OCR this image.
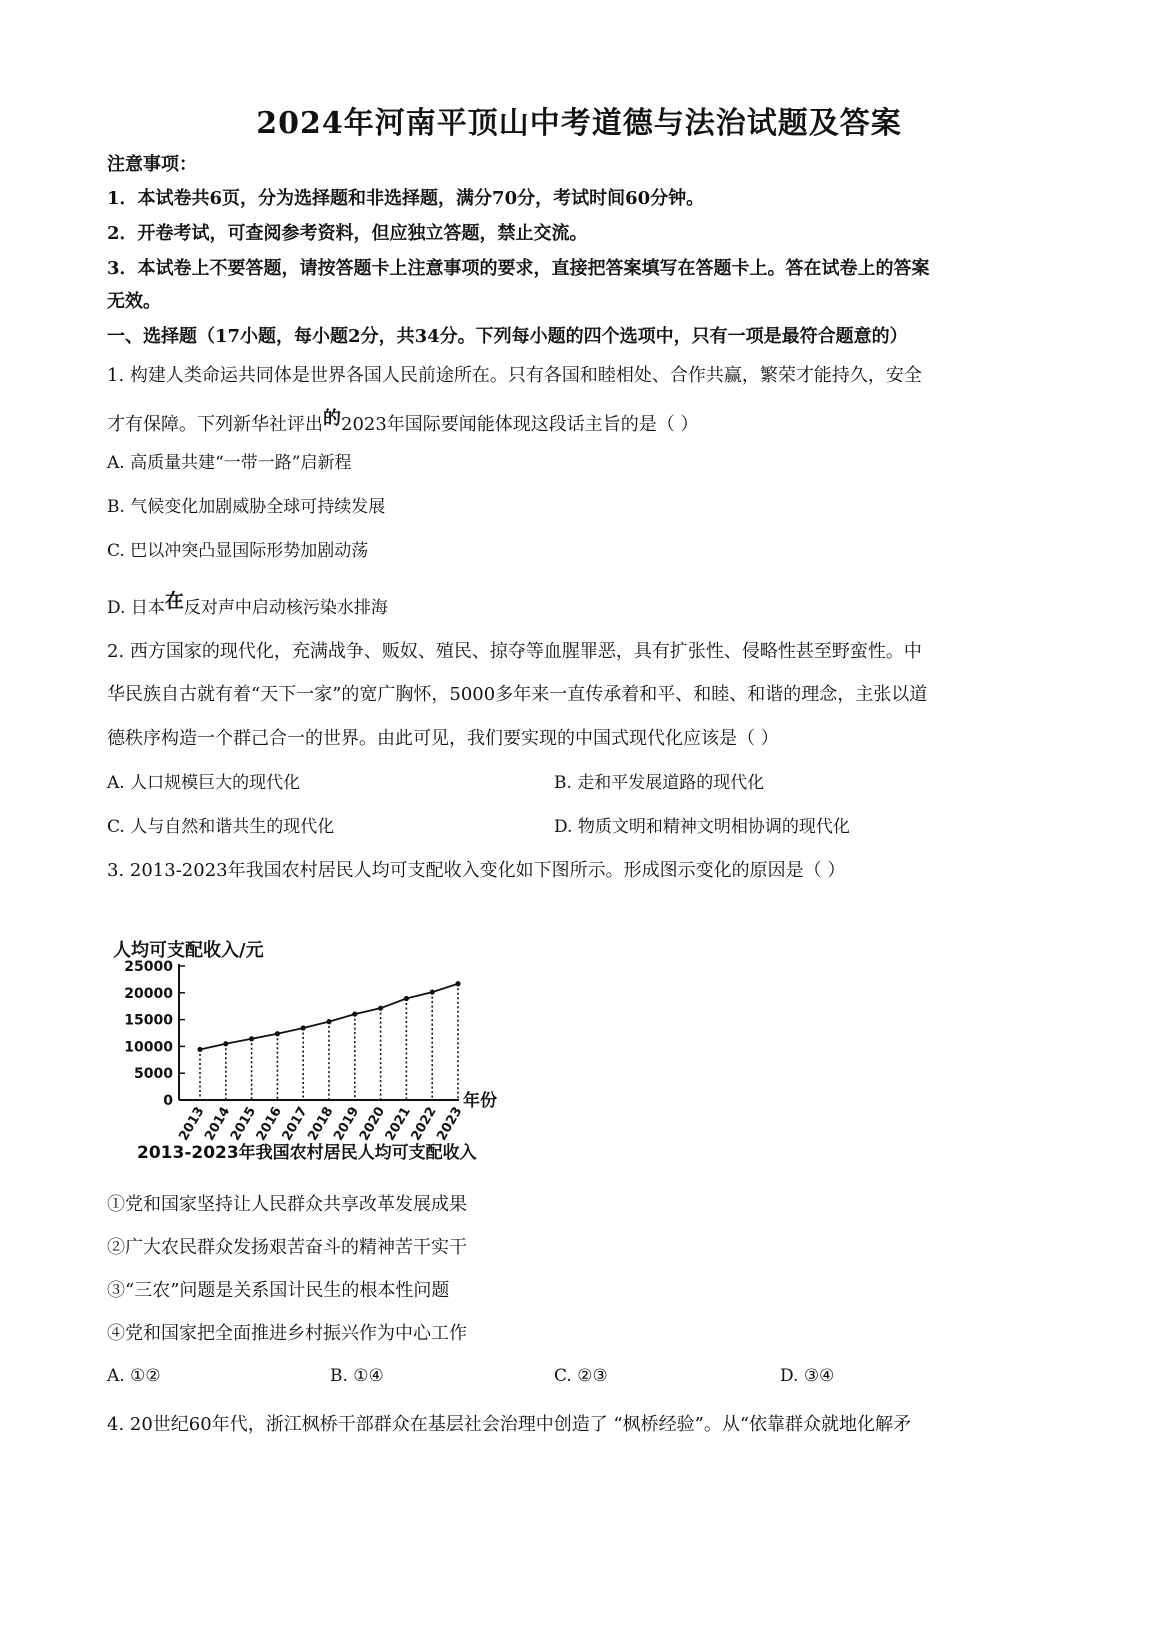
2024年河南平顶山中考道德与法治试题及答案
注意事项：
1．本试卷共6页，分为选择题和非选择题，满分70分，考试时间60分钟。
2．开卷考试，可查阅参考资料，但应独立答题，禁止交流。
3．本试卷上不要答题，请按答题卡上注意事项的要求，直接把答案填写在答题卡上。答在试卷上的答案
无效。
一、选择题（17小题，每小题2分，共34分。下列每小题的四个选项中，只有一项是最符合题意的）
1. 构建人类命运共同体是世界各国人民前途所在。只有各国和睦相处、合作共赢，繁荣才能持久，安全
才有保障。下列新华社评出的2023年国际要闻能体现这段话主旨的是（ ）
A. 高质量共建“一带一路”启新程
B. 气候变化加剧威胁全球可持续发展
C. 巴以冲突凸显国际形势加剧动荡
D. 日本在反对声中启动核污染水排海
2. 西方国家的现代化，充满战争、贩奴、殖民、掠夺等血腥罪恶，具有扩张性、侵略性甚至野蛮性。中
华民族自古就有着“天下一家”的宽广胸怀，5000多年来一直传承着和平、和睦、和谐的理念，主张以道
德秩序构造一个群己合一的世界。由此可见，我们要实现的中国式现代化应该是（ ）
A. 人口规模巨大的现代化	B. 走和平发展道路的现代化
C. 人与自然和谐共生的现代化	D. 物质文明和精神文明相协调的现代化
3. 2013-2023年我国农村居民人均可支配收入变化如下图所示。形成图示变化的原因是（ ）
人均可支配收入/元
0
5000
10000
15000
20000
25000
2013
2014
2015
2016
2017
2018
2019
2020
2021
2022
2023
年份
2013-2023年我国农村居民人均可支配收入
①党和国家坚持让人民群众共享改革发展成果
②广大农民群众发扬艰苦奋斗的精神苦干实干
③“三农”问题是关系国计民生的根本性问题
④党和国家把全面推进乡村振兴作为中心工作
A. ①②	B. ①④	C. ②③	D. ③④
4. 20世纪60年代，浙江枫桥干部群众在基层社会治理中创造了 “枫桥经验”。从“依靠群众就地化解矛
